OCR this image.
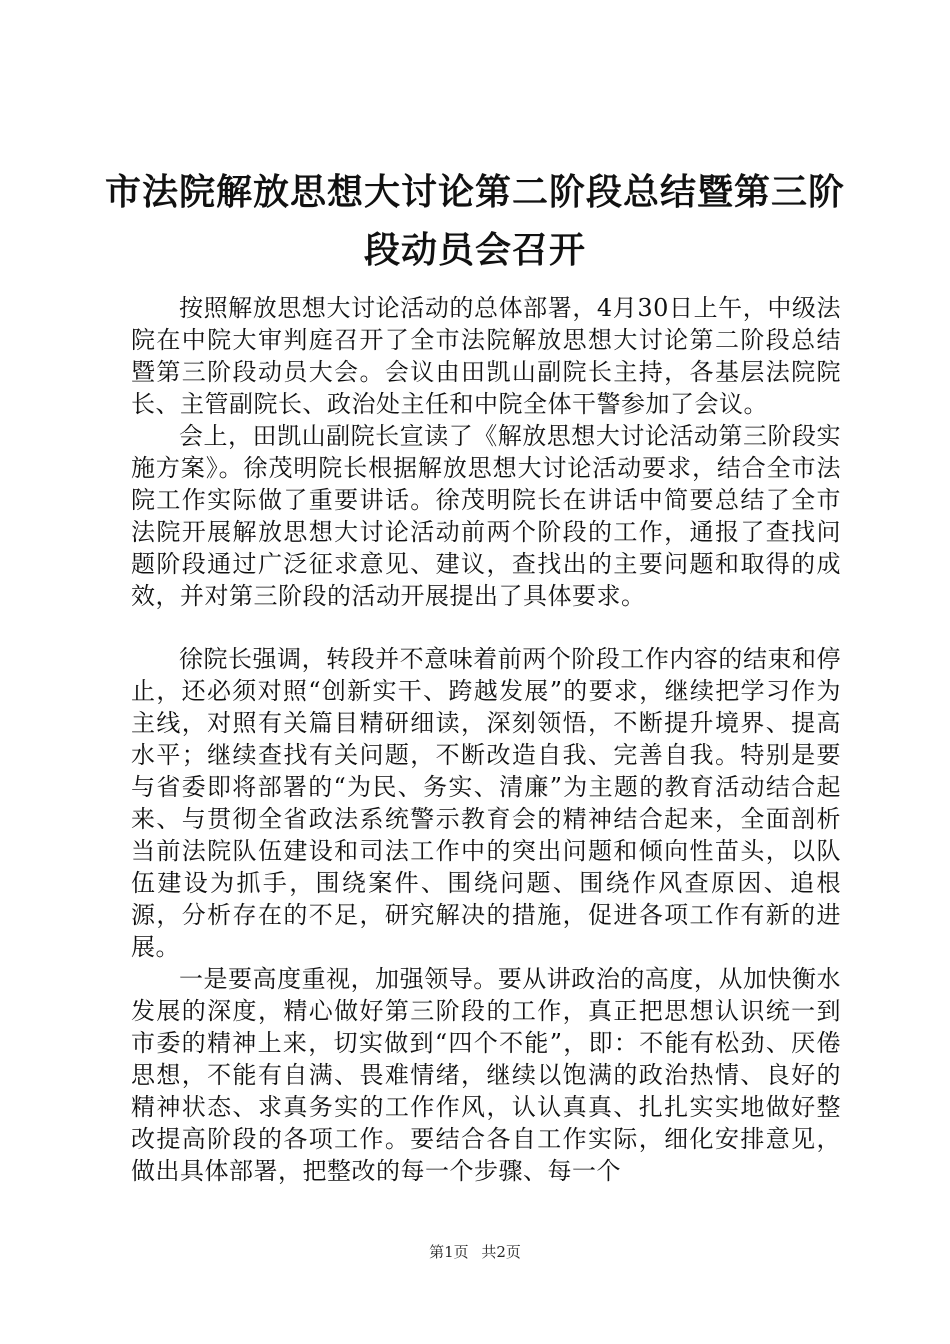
市法院解放思想大讨论第二阶段总结暨第三阶
段动员会召开

按照解放思想大讨论活动的总体部署，4月30日上午，中级法院在中院大审判庭召开了全市法院解放思想大讨论第二阶段总结暨第三阶段动员大会。会议由田凯山副院长主持，各基层法院院长、主管副院长、政治处主任和中院全体干警参加了会议。

会上，田凯山副院长宣读了《解放思想大讨论活动第三阶段实施方案》。徐茂明院长根据解放思想大讨论活动要求，结合全市法院工作实际做了重要讲话。徐茂明院长在讲话中简要总结了全市法院开展解放思想大讨论活动前两个阶段的工作，通报了查找问题阶段通过广泛征求意见、建议，查找出的主要问题和取得的成效，并对第三阶段的活动开展提出了具体要求。

徐院长强调，转段并不意味着前两个阶段工作内容的结束和停止，还必须对照“创新实干、跨越发展”的要求，继续把学习作为主线，对照有关篇目精研细读，深刻领悟，不断提升境界、提高水平；继续查找有关问题，不断改造自我、完善自我。特别是要与省委即将部署的“为民、务实、清廉”为主题的教育活动结合起来、与贯彻全省政法系统警示教育会的精神结合起来，全面剖析当前法院队伍建设和司法工作中的突出问题和倾向性苗头，以队伍建设为抓手，围绕案件、围绕问题、围绕作风查原因、追根源，分析存在的不足，研究解决的措施，促进各项工作有新的进展。

一是要高度重视，加强领导。要从讲政治的高度，从加快衡水发展的深度，精心做好第三阶段的工作，真正把思想认识统一到市委的精神上来，切实做到“四个不能”，即：不能有松劲、厌倦思想，不能有自满、畏难情绪，继续以饱满的政治热情、良好的精神状态、求真务实的工作作风，认认真真、扎扎实实地做好整改提高阶段的各项工作。要结合各自工作实际，细化安排意见，做出具体部署，把整改的每一个步骤、每一个

第1页 共2页
